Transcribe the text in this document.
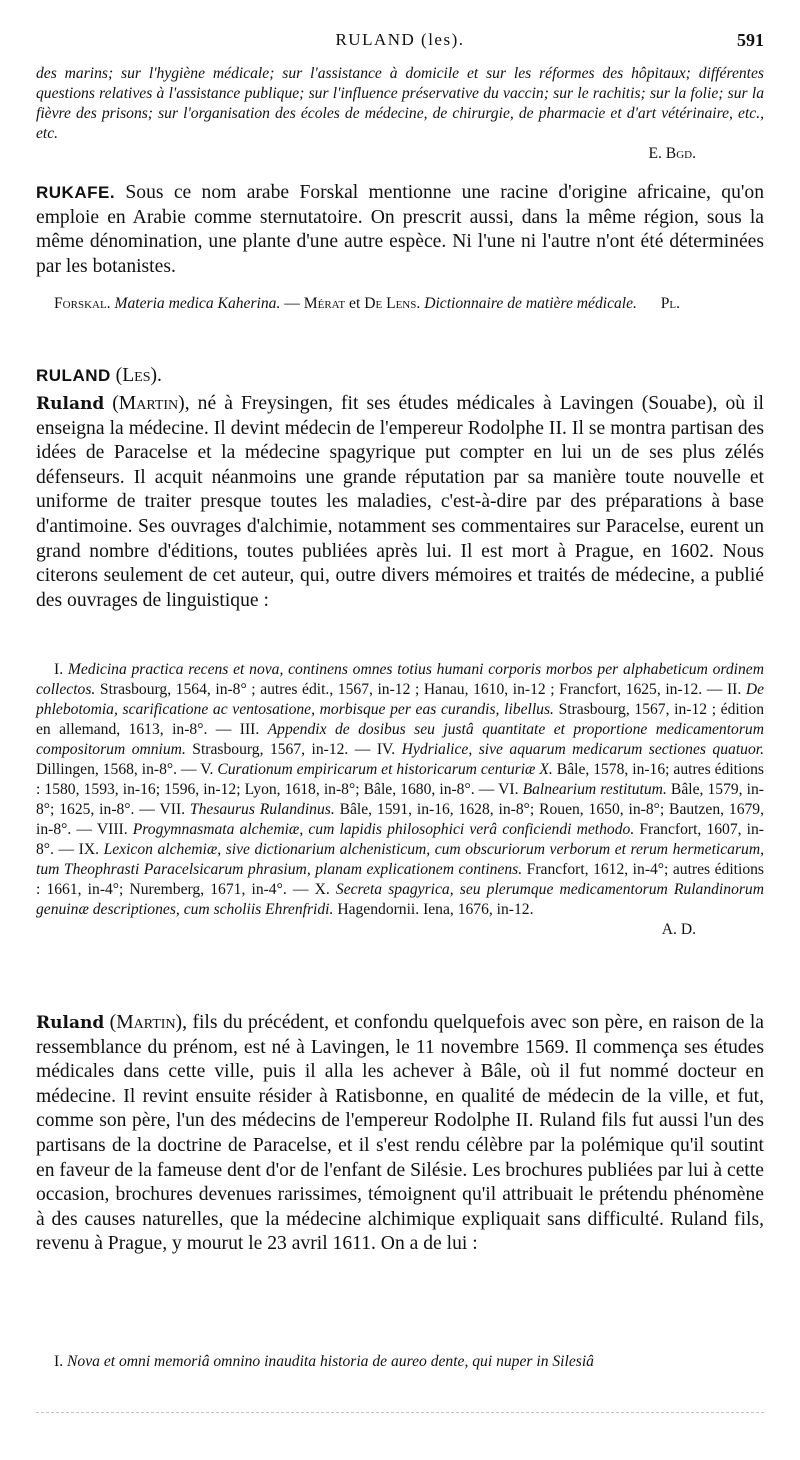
RULAND (les).	591

des marins; sur l'hygiène médicale; sur l'assistance à domicile et sur les réformes des hôpitaux; différentes questions relatives à l'assistance publique; sur l'influence préservative du vaccin; sur le rachitis; sur la folie; sur la fièvre des prisons; sur l'organisation des écoles de médecine, de chirurgie, de pharmacie et d'art vétérinaire, etc., etc.

E. Bgd.

RUKAFE. Sous ce nom arabe Forskal mentionne une racine d'origine africaine, qu'on emploie en Arabie comme sternutatoire. On prescrit aussi, dans la même région, sous la même dénomination, une plante d'une autre espèce. Ni l'une ni l'autre n'ont été déterminées par les botanistes.

Forskal. Materia medica Kaherina. — Mérat et De Lens. Dictionnaire de matière médicale.	Pl.

RULAND (Les).

Ruland (Martin), né à Freysingen, fit ses études médicales à Lavingen (Souabe), où il enseigna la médecine. Il devint médecin de l'empereur Rodolphe II. Il se montra partisan des idées de Paracelse et la médecine spagyrique put compter en lui un de ses plus zélés défenseurs. Il acquit néanmoins une grande réputation par sa manière toute nouvelle et uniforme de traiter presque toutes les maladies, c'est-à-dire par des préparations à base d'antimoine. Ses ouvrages d'alchimie, notamment ses commentaires sur Paracelse, eurent un grand nombre d'éditions, toutes publiées après lui. Il est mort à Prague, en 1602. Nous citerons seulement de cet auteur, qui, outre divers mémoires et traités de médecine, a publié des ouvrages de linguistique :

I. Medicina practica recens et nova, continens omnes totius humani corporis morbos per alphabeticum ordinem collectos. Strasbourg, 1564, in-8° ; autres édit., 1567, in-12 ; Hanau, 1610, in-12 ; Francfort, 1625, in-12. — II. De phlebotomia, scarificatione ac ventosatione, morbisque per eas curandis, libellus. Strasbourg, 1567, in-12 ; édition en allemand, 1613, in-8°. — III. Appendix de dosibus seu justâ quantitate et proportione medicamentorum compositorum omnium. Strasbourg, 1567, in-12. — IV. Hydrialice, sive aquarum medicarum sectiones quatuor. Dillingen, 1568, in-8°. — V. Curationum empiricarum et historicarum centuriæ X. Bâle, 1578, in-16; autres éditions : 1580, 1593, in-16; 1596, in-12; Lyon, 1618, in-8°; Bâle, 1680, in-8°. — VI. Balnearium restitutum. Bâle, 1579, in-8°; 1625, in-8°. — VII. Thesaurus Rulandinus. Bâle, 1591, in-16, 1628, in-8°; Rouen, 1650, in-8°; Bautzen, 1679, in-8°. — VIII. Progymnasmata alchemiæ, cum lapidis philosophici verâ conficiendi methodo. Francfort, 1607, in-8°. — IX. Lexicon alchemiæ, sive dictionarium alchenisticum, cum obscuriorum verborum et rerum hermeticarum, tum Theophrasti Paracelsicarum phrasium, planam explicationem continens. Francfort, 1612, in-4°; autres éditions : 1661, in-4°; Nuremberg, 1671, in-4°. — X. Secreta spagyrica, seu plerumque medicamentorum Rulandinorum genuinæ descriptiones, cum scholiis Ehrenfridi. Hagendornii. Iena, 1676, in-12.

A. D.

Ruland (Martin), fils du précédent, et confondu quelquefois avec son père, en raison de la ressemblance du prénom, est né à Lavingen, le 11 novembre 1569. Il commença ses études médicales dans cette ville, puis il alla les achever à Bâle, où il fut nommé docteur en médecine. Il revint ensuite résider à Ratisbonne, en qualité de médecin de la ville, et fut, comme son père, l'un des médecins de l'empereur Rodolphe II. Ruland fils fut aussi l'un des partisans de la doctrine de Paracelse, et il s'est rendu célèbre par la polémique qu'il soutint en faveur de la fameuse dent d'or de l'enfant de Silésie. Les brochures publiées par lui à cette occasion, brochures devenues rarissimes, témoignent qu'il attribuait le prétendu phénomène à des causes naturelles, que la médecine alchimique expliquait sans difficulté. Ruland fils, revenu à Prague, y mourut le 23 avril 1611. On a de lui :

I. Nova et omni memoriâ omnino inaudita historia de aureo dente, qui nuper in Silesiâ
